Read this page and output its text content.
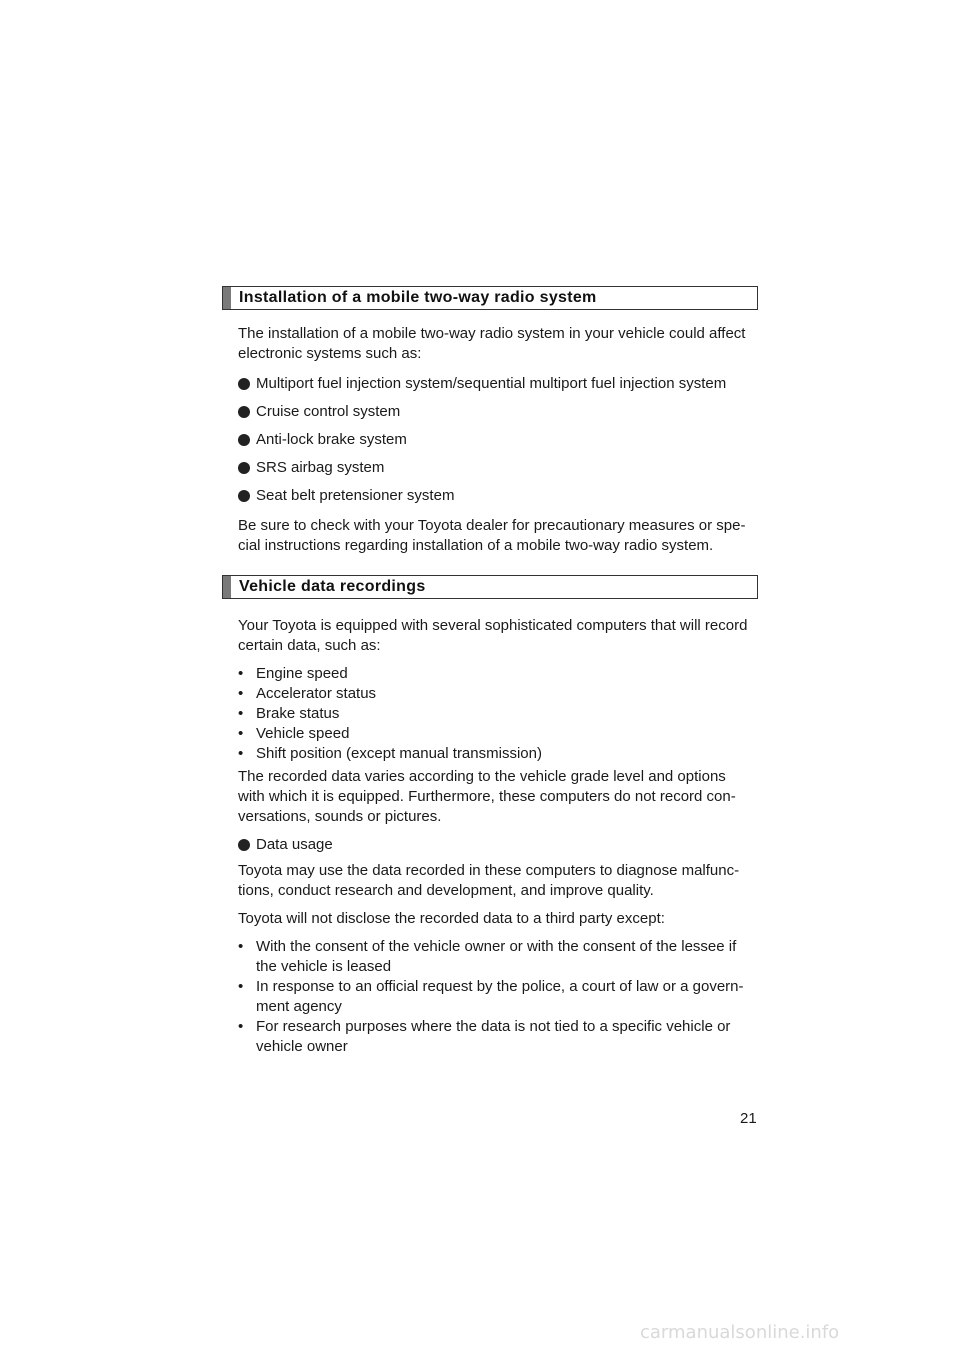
Installation of a mobile two-way radio system
The installation of a mobile two-way radio system in your vehicle could affect
electronic systems such as:
Multiport fuel injection system/sequential multiport fuel injection system
Cruise control system
Anti-lock brake system
SRS airbag system
Seat belt pretensioner system
Be sure to check with your Toyota dealer for precautionary measures or spe-
cial instructions regarding installation of a mobile two-way radio system.
Vehicle data recordings
Your Toyota is equipped with several sophisticated computers that will record
certain data, such as:
• Engine speed
• Accelerator status
• Brake status
• Vehicle speed
• Shift position (except manual transmission)
The recorded data varies according to the vehicle grade level and options
with which it is equipped. Furthermore, these computers do not record con-
versations, sounds or pictures.
Data usage
Toyota may use the data recorded in these computers to diagnose malfunc-
tions, conduct research and development, and improve quality.
Toyota will not disclose the recorded data to a third party except:
• With the consent of the vehicle owner or with the consent of the lessee if
the vehicle is leased
• In response to an official request by the police, a court of law or a govern-
ment agency
• For research purposes where the data is not tied to a specific vehicle or
vehicle owner
21
carmanualsonline.info
